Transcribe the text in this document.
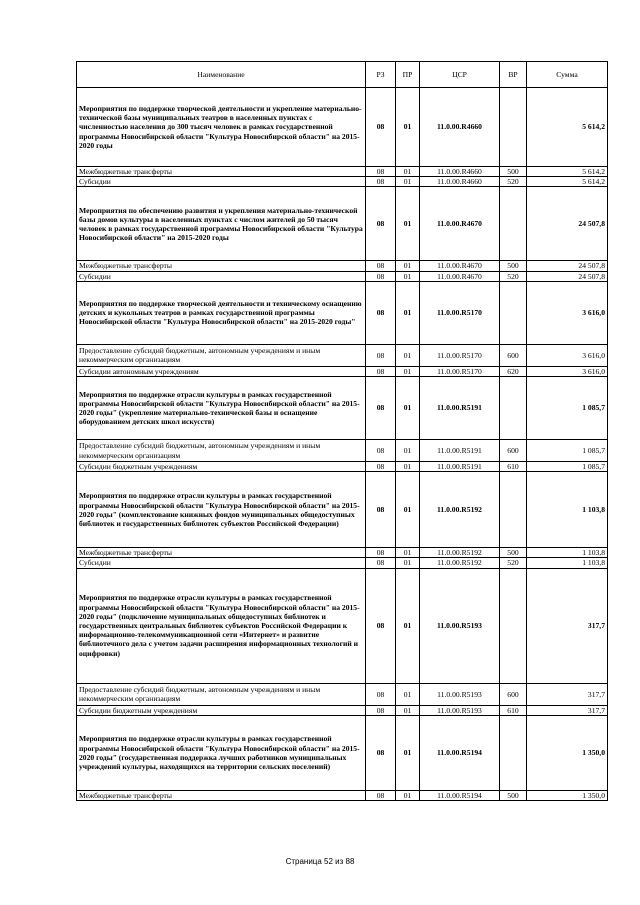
Наименование	РЗ	ПР	ЦСР	ВР	Сумма
Мероприятия по поддержке творческой деятельности и укрепление материально-технической базы муниципальных театров в населенных пунктах с численностью населения до 300 тысяч человек в рамках государственной программы Новосибирской области "Культура Новосибирской области" на 2015-2020 годы	08	01	11.0.00.R4660		5 614,2
Межбюджетные трансферты	08	01	11.0.00.R4660	500	5 614,2
Субсидии	08	01	11.0.00.R4660	520	5 614,2
Мероприятия по обеспечению развития и укрепления материально-технической базы домов культуры в населенных пунктах с числом жителей до 50 тысяч человек в рамках государственной программы Новосибирской области "Культура Новосибирской области" на 2015-2020 годы	08	01	11.0.00.R4670		24 507,8
Межбюджетные трансферты	08	01	11.0.00.R4670	500	24 507,8
Субсидии	08	01	11.0.00.R4670	520	24 507,8
Мероприятия по поддержке творческой деятельности и техническому оснащению детских и кукольных театров в рамках государственной программы Новосибирской области "Культура Новосибирской области" на 2015-2020 годы"	08	01	11.0.00.R5170		3 616,0
Предоставление субсидий бюджетным, автономным учреждениям и иным некоммерческим организациям	08	01	11.0.00.R5170	600	3 616,0
Субсидии автономным учреждениям	08	01	11.0.00.R5170	620	3 616,0
Мероприятия по поддержке отрасли культуры в рамках государственной программы Новосибирской области "Культура Новосибирской области" на 2015-2020 годы" (укрепление материально-технической базы и оснащение оборудованием детских школ искусств)	08	01	11.0.00.R5191		1 085,7
Предоставление субсидий бюджетным, автономным учреждениям и иным некоммерческим организациям	08	01	11.0.00.R5191	600	1 085,7
Субсидии бюджетным учреждениям	08	01	11.0.00.R5191	610	1 085,7
Мероприятия по поддержке отрасли культуры в рамках государственной программы Новосибирской области "Культура Новосибирской области" на 2015-2020 годы" (комплектование книжных фондов муниципальных общедоступных библиотек и государственных библиотек субъектов Российской Федерации)	08	01	11.0.00.R5192		1 103,8
Межбюджетные трансферты	08	01	11.0.00.R5192	500	1 103,8
Субсидии	08	01	11.0.00.R5192	520	1 103,8
Мероприятия по поддержке отрасли культуры в рамках государственной программы Новосибирской области "Культура Новосибирской области" на 2015-2020 годы" (подключение муниципальных общедоступных библиотек и государственных центральных библиотек субъектов Российской Федерации к информационно-телекоммуникационной сети «Интернет» и развитие библиотечного дела с учетом задачи расширения информационных технологий и оцифровки)	08	01	11.0.00.R5193		317,7
Предоставление субсидий бюджетным, автономным учреждениям и иным некоммерческим организациям	08	01	11.0.00.R5193	600	317,7
Субсидии бюджетным учреждениям	08	01	11.0.00.R5193	610	317,7
Мероприятия по поддержке отрасли культуры в рамках государственной программы Новосибирской области "Культура Новосибирской области" на 2015-2020 годы" (государственная поддержка лучших работников муниципальных учреждений культуры, находящихся на территории сельских поселений)	08	01	11.0.00.R5194		1 350,0
Межбюджетные трансферты	08	01	11.0.00.R5194	500	1 350,0
Страница 52 из 88
